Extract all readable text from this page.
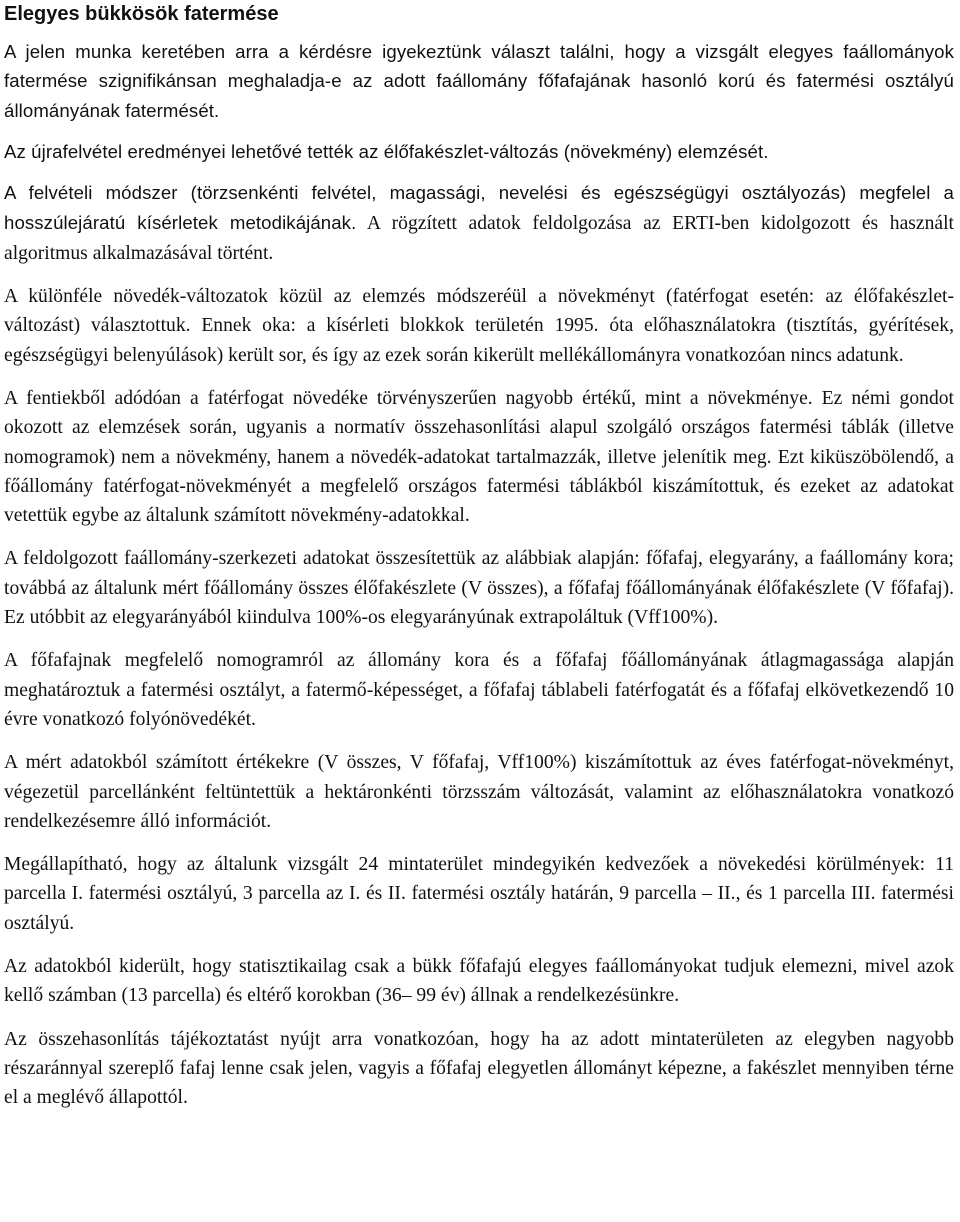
Elegyes bükkösök fatermése

A jelen munka keretében arra a kérdésre igyekeztünk választ találni, hogy a vizsgált elegyes faállományok fatermése szignifikánsan meghaladja-e az adott faállomány főfafajának hasonló korú és fatermési osztályú állományának fatermését.

Az újrafelvétel eredményei lehetővé tették az élőfakészlet-változás (növekmény) elemzését.

A felvételi módszer (törzsenkénti felvétel, magassági, nevelési és egészségügyi osztályozás) megfelel a hosszúlejáratú kísérletek metodikájának. A rögzített adatok feldolgozása az ERTI-ben kidolgozott és használt algoritmus alkalmazásával történt.

A különféle növedék-változatok közül az elemzés módszeréül a növekményt (fatérfogat esetén: az élőfakészlet-változást) választottuk. Ennek oka: a kísérleti blokkok területén 1995. óta előhasználatokra (tisztítás, gyérítések, egészségügyi belenyúlások) került sor, és így az ezek során kikerült mellékállományra vonatkozóan nincs adatunk.

A fentiekből adódóan a fatérfogat növedéke törvényszerűen nagyobb értékű, mint a növekménye. Ez némi gondot okozott az elemzések során, ugyanis a normatív összehasonlítási alapul szolgáló országos fatermési táblák (illetve nomogramok) nem a növekmény, hanem a növedék-adatokat tartalmazzák, illetve jelenítik meg. Ezt kiküszöbölendő, a főállomány fatérfogat-növekményét a megfelelő országos fatermési táblákból kiszámítottuk, és ezeket az adatokat vetettük egybe az általunk számított növekmény-adatokkal.

A feldolgozott faállomány-szerkezeti adatokat összesítettük az alábbiak alapján: főfafaj, elegyarány, a faállomány kora; továbbá az általunk mért főállomány összes élőfakészlete (V összes), a főfafaj főállományának élőfakészlete (V főfafaj). Ez utóbbit az elegyarányából kiindulva 100%-os elegyarányúnak extrapoláltuk (Vff100%).

A főfafajnak megfelelő nomogramról az állomány kora és a főfafaj főállományának átlagmagassága alapján meghatároztuk a fatermési osztályt, a fatermő-képességet, a főfafaj táblabeli fatérfogatát és a főfafaj elkövetkezendő 10 évre vonatkozó folyónövedékét.

A mért adatokból számított értékekre (V összes, V főfafaj, Vff100%) kiszámítottuk az éves fatérfogat-növekményt, végezetül parcellánként feltüntettük a hektáronkénti törzsszám változását, valamint az előhasználatokra vonatkozó rendelkezésemre álló információt.

Megállapítható, hogy az általunk vizsgált 24 mintaterület mindegyikén kedvezőek a növekedési körülmények: 11 parcella I. fatermési osztályú, 3 parcella az I. és II. fatermési osztály határán, 9 parcella – II., és 1 parcella III. fatermési osztályú.

Az adatokból kiderült, hogy statisztikailag csak a bükk főfafajú elegyes faállományokat tudjuk elemezni, mivel azok kellő számban (13 parcella) és eltérő korokban (36– 99 év) állnak a rendelkezésünkre.

Az összehasonlítás tájékoztatást nyújt arra vonatkozóan, hogy ha az adott mintaterületen az elegyben nagyobb részaránnyal szereplő fafaj lenne csak jelen, vagyis a főfafaj elegyetlen állományt képezne, a fakészlet mennyiben térne el a meglévő állapottól.
